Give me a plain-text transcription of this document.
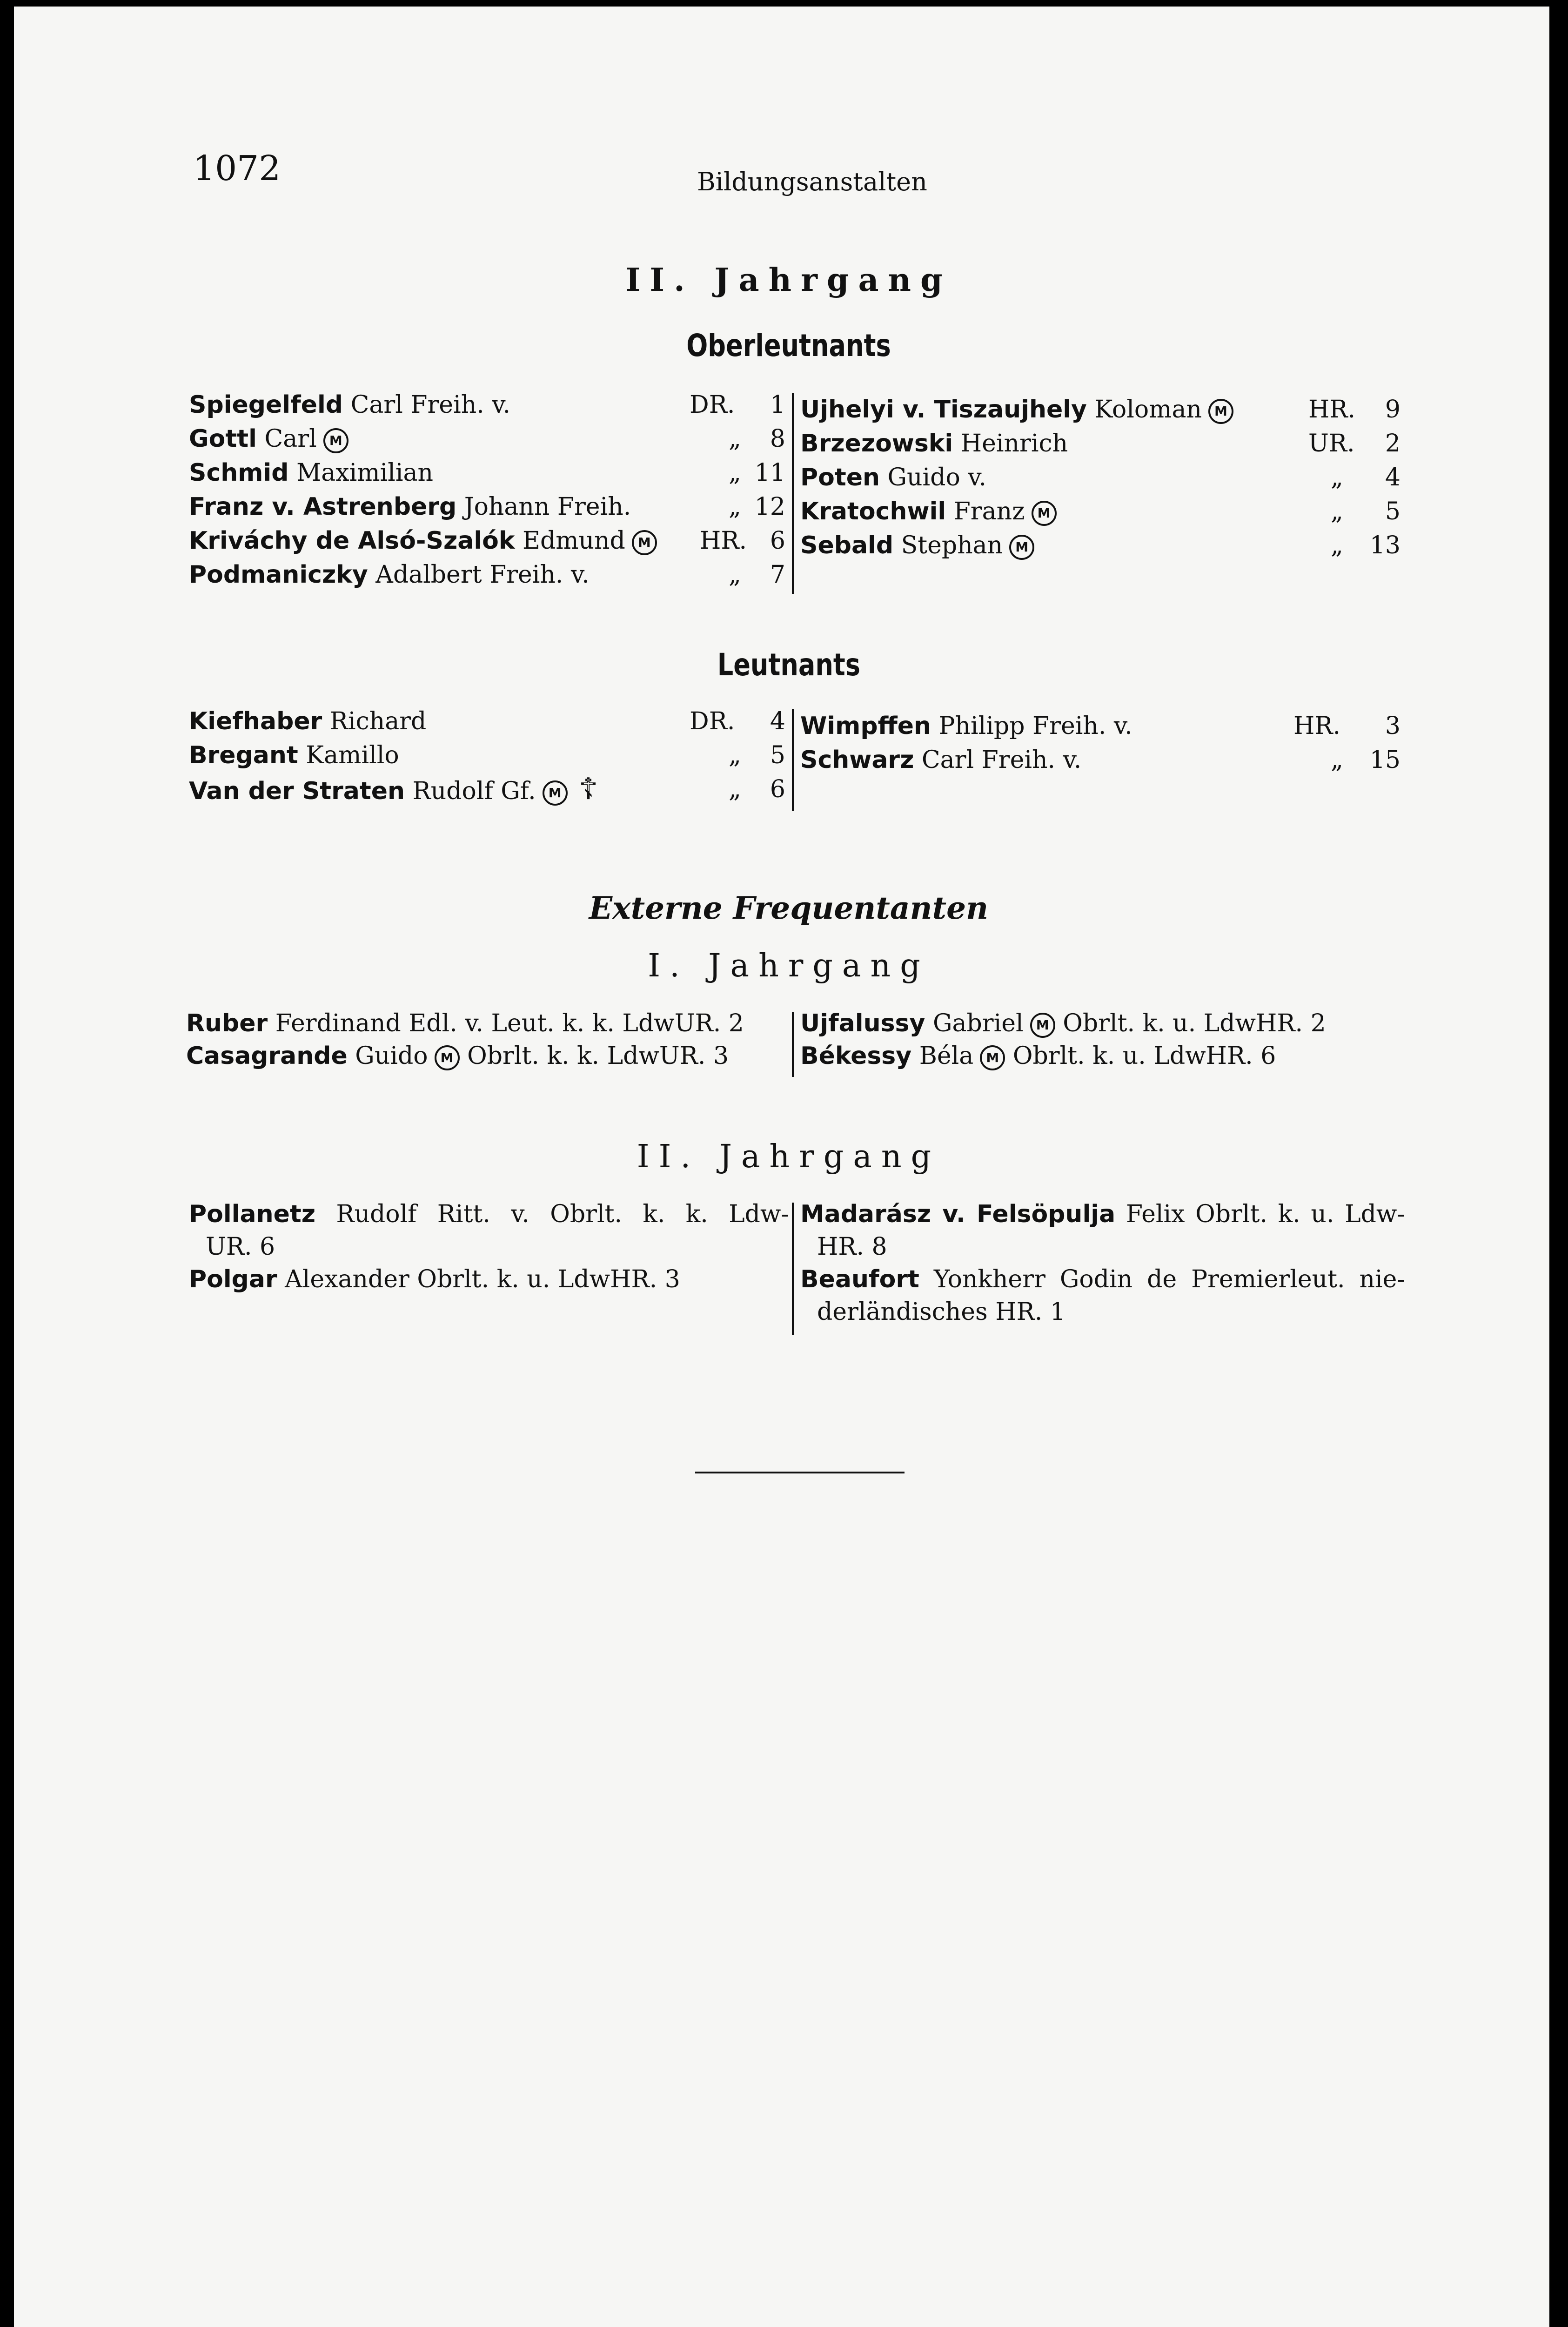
1072	Bildungsanstalten
II. Jahrgang
Oberleutnants
Spiegelfeld Carl Freih. v.	DR.	1
Gottl Carl M	„	8
Schmid Maximilian	„ 11
Franz v. Astrenberg Johann Freih.	„ 12
Kriváchy de Alsó-Szalók Edmund M HR. 6
Podmaniczky Adalbert Freih. v.	„	7
Ujhelyi v. Tiszaujhely Koloman M	HR.	9
Brzezowski Heinrich	UR.	2
Poten Guido v.	„	4
Kratochwil Franz M	„	5
Sebald Stephan M	„	13
Leutnants
Kiefhaber Richard	DR.	4
Bregant Kamillo	„	5
Van der Straten Rudolf Gf. M ☦	„	6
Wimpffen Philipp Freih. v.	HR.	3
Schwarz Carl Freih. v.	„	15
Externe Frequentanten
I. Jahrgang
Ruber Ferdinand Edl. v. Leut. k. k. LdwUR. 2
Casagrande Guido M Obrlt. k. k. LdwUR. 3
Ujfalussy Gabriel M Obrlt. k. u. LdwHR. 2
Békessy Béla M Obrlt. k. u. LdwHR. 6
II. Jahrgang
Pollanetz Rudolf Ritt. v. Obrlt. k. k. Ldw-
UR. 6
Polgar Alexander Obrlt. k. u. LdwHR. 3
Madarász v. Felsöpulja Felix Obrlt. k. u. Ldw-
HR. 8
Beaufort Yonkherr Godin de Premierleut. nie-
derländisches HR. 1
